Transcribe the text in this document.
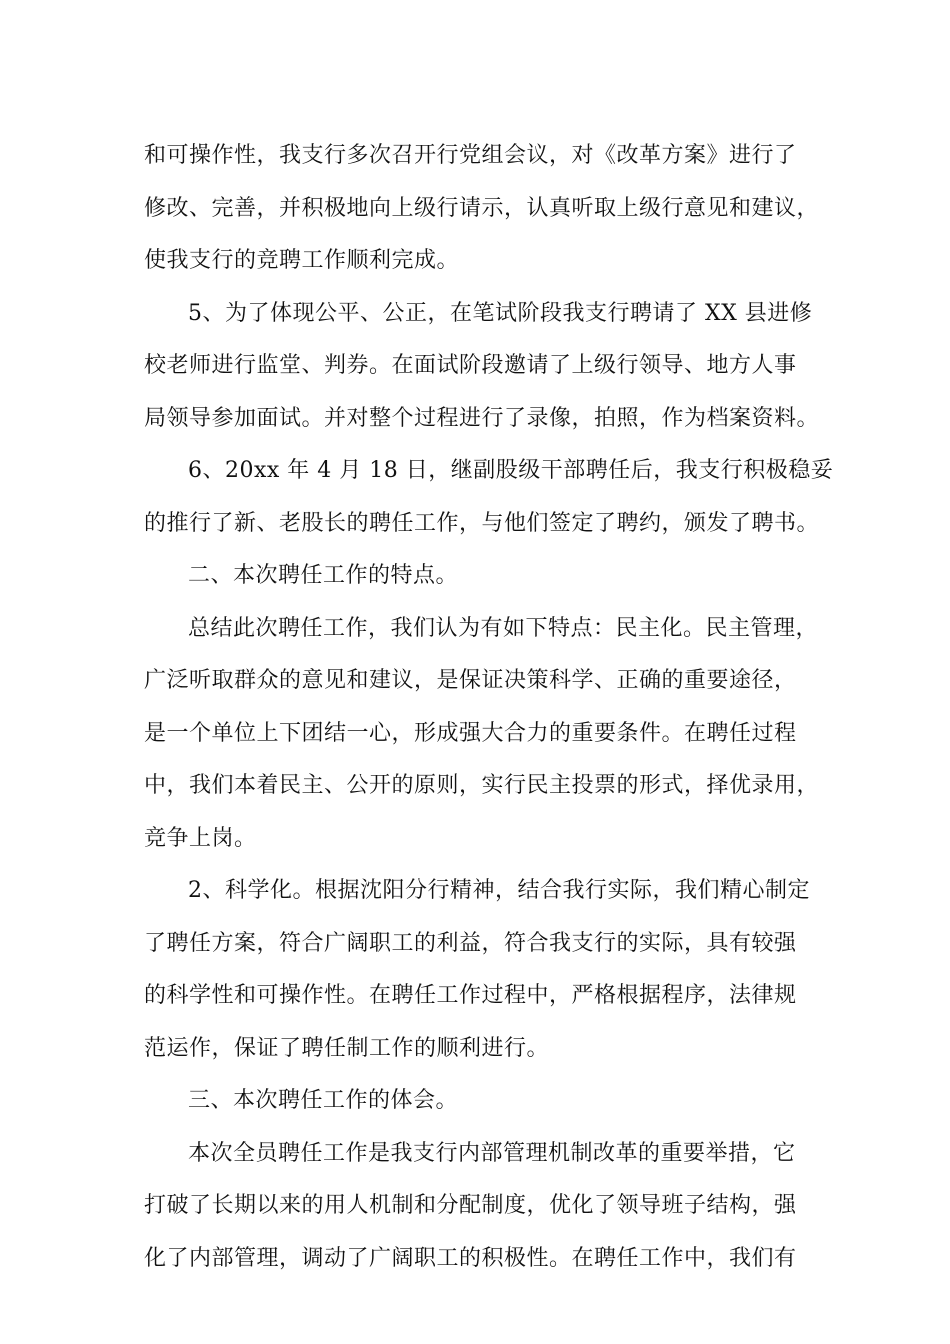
和可操作性，我支行多次召开行党组会议，对《改革方案》进行了
修改、完善，并积极地向上级行请示，认真听取上级行意见和建议，
使我支行的竞聘工作顺利完成。
5、为了体现公平、公正，在笔试阶段我支行聘请了 XX 县进修
校老师进行监堂、判券。在面试阶段邀请了上级行领导、地方人事
局领导参加面试。并对整个过程进行了录像，拍照，作为档案资料。
6、20xx 年 4 月 18 日，继副股级干部聘任后，我支行积极稳妥
的推行了新、老股长的聘任工作，与他们签定了聘约，颁发了聘书。
二、本次聘任工作的特点。
总结此次聘任工作，我们认为有如下特点：民主化。民主管理，
广泛听取群众的意见和建议，是保证决策科学、正确的重要途径，
是一个单位上下团结一心，形成强大合力的重要条件。在聘任过程
中，我们本着民主、公开的原则，实行民主投票的形式，择优录用，
竞争上岗。
2、科学化。根据沈阳分行精神，结合我行实际，我们精心制定
了聘任方案，符合广阔职工的利益，符合我支行的实际，具有较强
的科学性和可操作性。在聘任工作过程中，严格根据程序，法律规
范运作，保证了聘任制工作的顺利进行。
三、本次聘任工作的体会。
本次全员聘任工作是我支行内部管理机制改革的重要举措，它
打破了长期以来的用人机制和分配制度，优化了领导班子结构，强
化了内部管理，调动了广阔职工的积极性。在聘任工作中，我们有
